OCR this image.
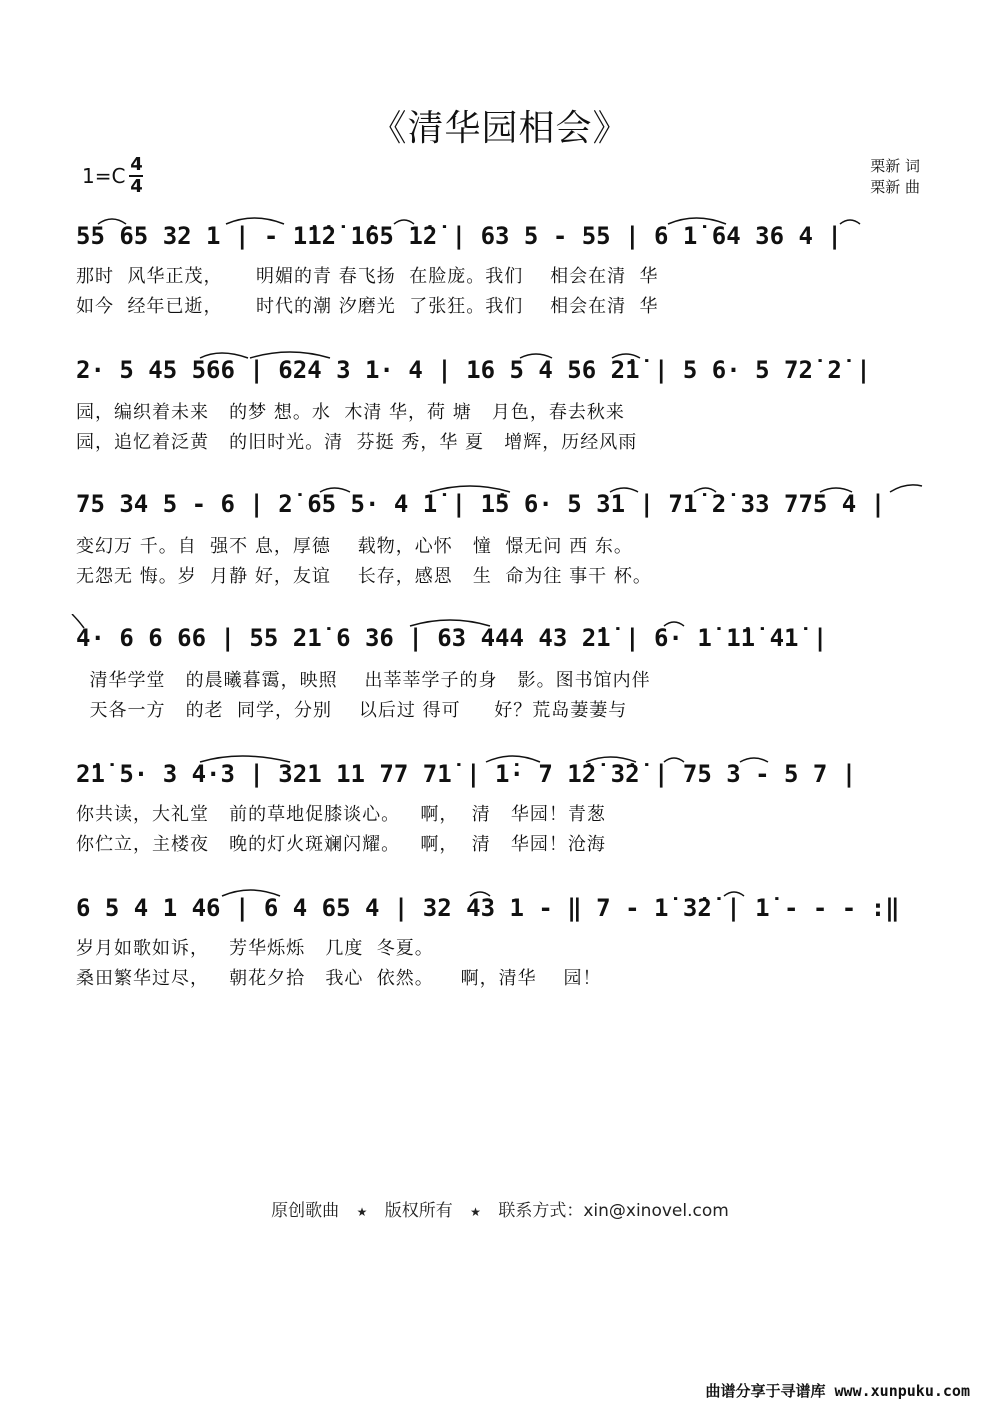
《清华园相会》
$1=C \frac{4}{4}$	栗新 词
栗新 曲
55 65 32 1 | - 1̇1̇2̇ 1̇65 1̇2̇ | 63 5 - 55 | 6 1̇ 64 36 4 |
那时  风华正茂，     明媚的青 春飞扬  在脸庞。我们    相会在清  华
如今  经年已逝，     时代的潮 汐磨光  了张狂。我们    相会在清  华
2· 5 45 566 | 624 3 1· 4 | 16 5 4 56 2̇1̇ | 5 6· 5 72̇ 2̇ |
园，编织着未来   的梦 想。水  木清 华，荷 塘   月色，春去秋来
园，追忆着泛黄   的旧时光。清  芬挺 秀，华 夏   增辉，历经风雨
75 34 5 - 6 | 2̇ 65 5· 4 1̇ | 1̇5 6· 5 31 | 71̇ 2̇ 33 775 4 |
变幻万 千。自  强不 息，厚德    载物，心怀   憧  憬无问 西 东。
无怨无 悔。岁  月静 好，友谊    长存，感恩   生  命为往 事干 杯。
4· 6 6 66 | 55 21̇ 6 36 | 63 444 43 2̇1̇ | 6· 1̇ 1̇1̇ 41̇ |
清华学堂   的晨曦暮霭，映照    出莘莘学子的身   影。图书馆内伴
天各一方   的老  同学，分别    以后过 得可     好？荒岛萋萋与
2̇1̇ 5· 3 4·3 | 321 11 77 71̇ | 1̇· 7 1̇2̇ 3̇2̇ | 75 3 - 5 7 |
你共读，大礼堂   前的草地促膝谈心。   啊，  清   华园！青葱
你伫立，主楼夜   晚的灯火斑斓闪耀。   啊，  清   华园！沧海
6 5 4 1 46 | 6 4 65 4 | 32 43 1 - ‖ 7 - 1̇ 3̇2̇ | 1̇ - - - :‖
岁月如歌如诉，   芳华烁烁   几度  冬夏。
桑田繁华过尽，   朝花夕拾   我心  依然。    啊，清华    园！
原创歌曲 ★ 版权所有 ★ 联系方式：xin@xinovel.com
曲谱分享于寻谱库 www.xunpuku.com
